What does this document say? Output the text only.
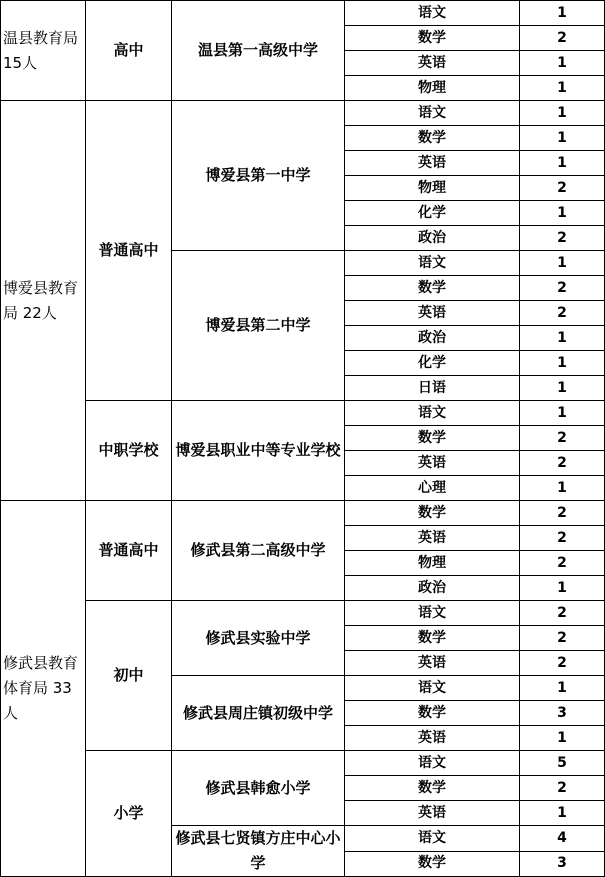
温县教育局 15人	高中	温县第一高级中学	语文	1
			数学	2
			英语	1
			物理	1
博爱县教育局 22人	普通高中	博爱县第一中学	语文	1
			数学	1
			英语	1
			物理	2
			化学	1
			政治	2
		博爱县第二中学	语文	1
			数学	2
			英语	2
			政治	1
			化学	1
			日语	1
	中职学校	博爱县职业中等专业学校	语文	1
			数学	2
			英语	2
			心理	1
修武县教育体育局 33人	普通高中	修武县第二高级中学	数学	2
			英语	2
			物理	2
			政治	1
	初中	修武县实验中学	语文	2
			数学	2
			英语	2
		修武县周庄镇初级中学	语文	1
			数学	3
			英语	1
	小学	修武县韩愈小学	语文	5
			数学	2
			英语	1
		修武县七贤镇方庄中心小学	语文	4
			数学	3
